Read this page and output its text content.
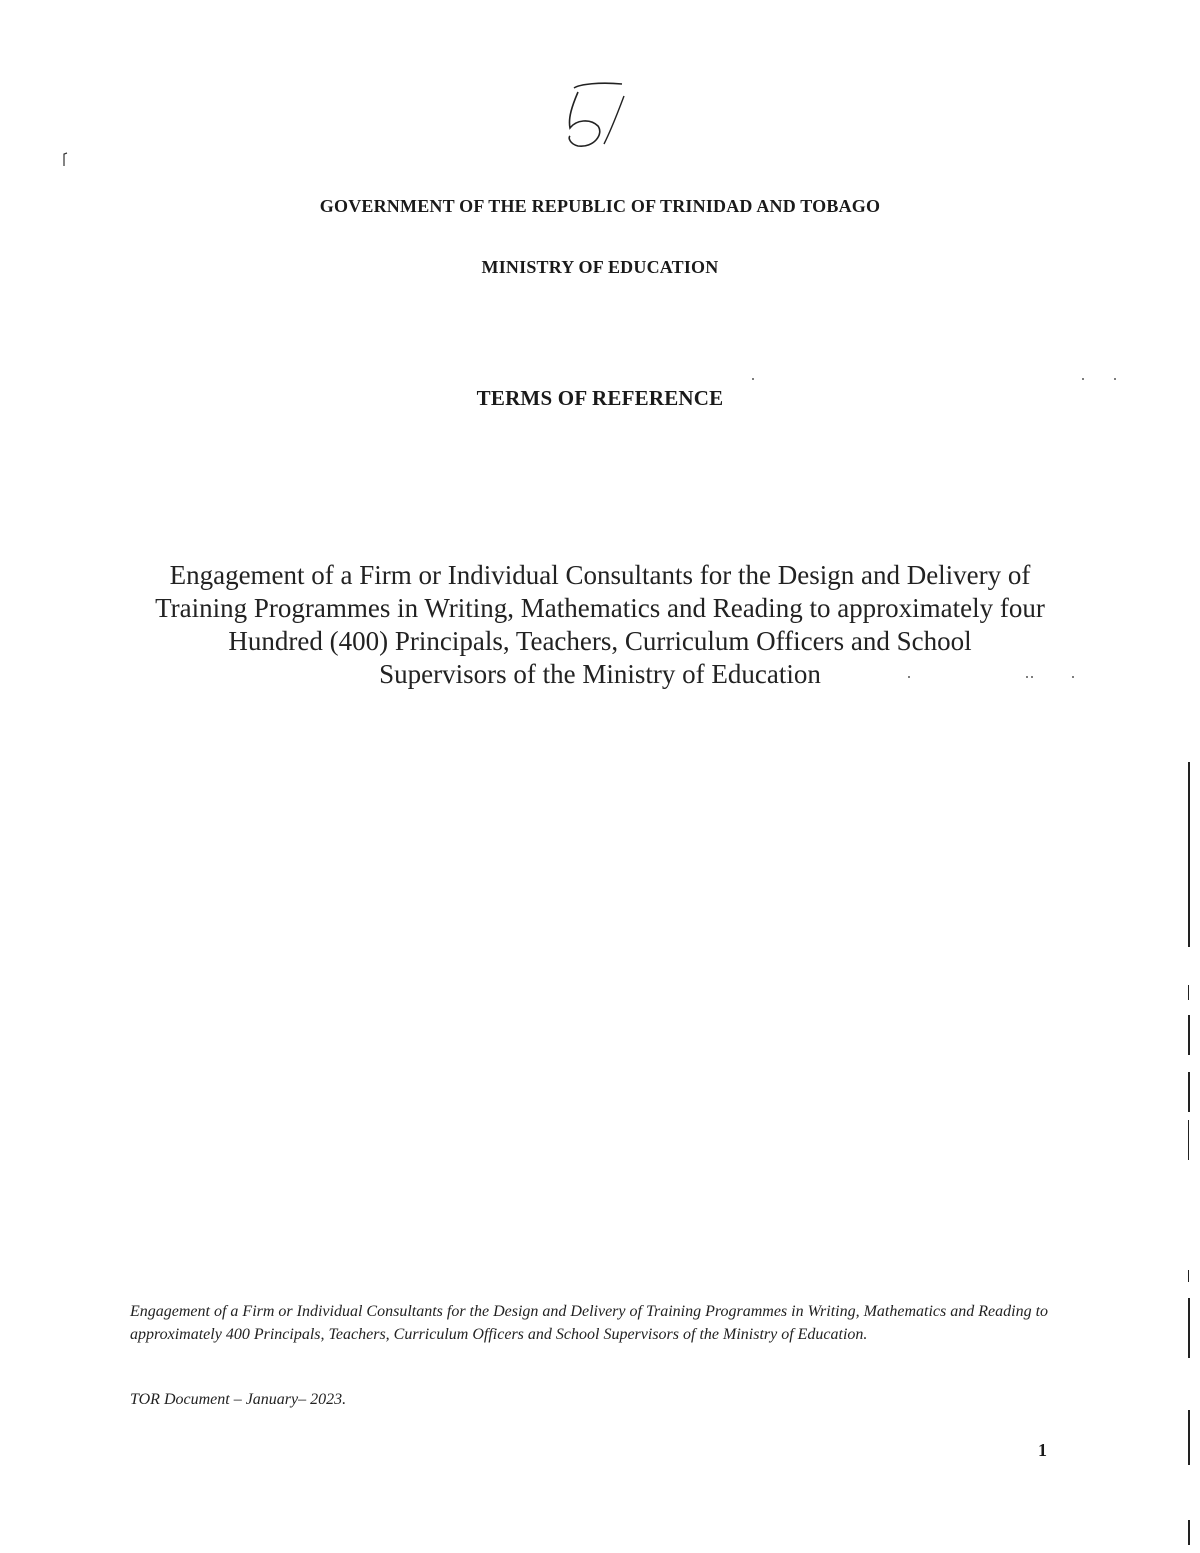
GOVERNMENT OF THE REPUBLIC OF TRINIDAD AND TOBAGO
MINISTRY OF EDUCATION
TERMS OF REFERENCE
Engagement of a Firm or Individual Consultants for the Design and Delivery of
Training Programmes in Writing, Mathematics and Reading to approximately four
Hundred (400) Principals, Teachers, Curriculum Officers and School
Supervisors of the Ministry of Education
Engagement of a Firm or Individual Consultants for the Design and Delivery of Training Programmes in Writing, Mathematics and Reading to approximately 400 Principals, Teachers, Curriculum Officers and School Supervisors of the Ministry of Education.
TOR Document – January– 2023.
1
